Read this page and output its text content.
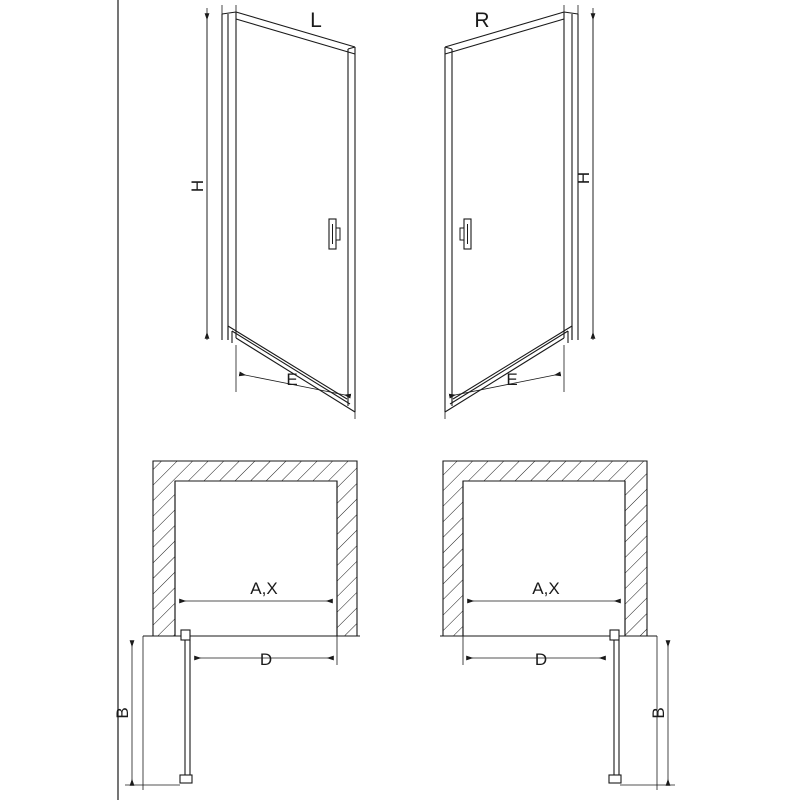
H
E
L
H
E
R
A,X
D
B
A,X
D
B
